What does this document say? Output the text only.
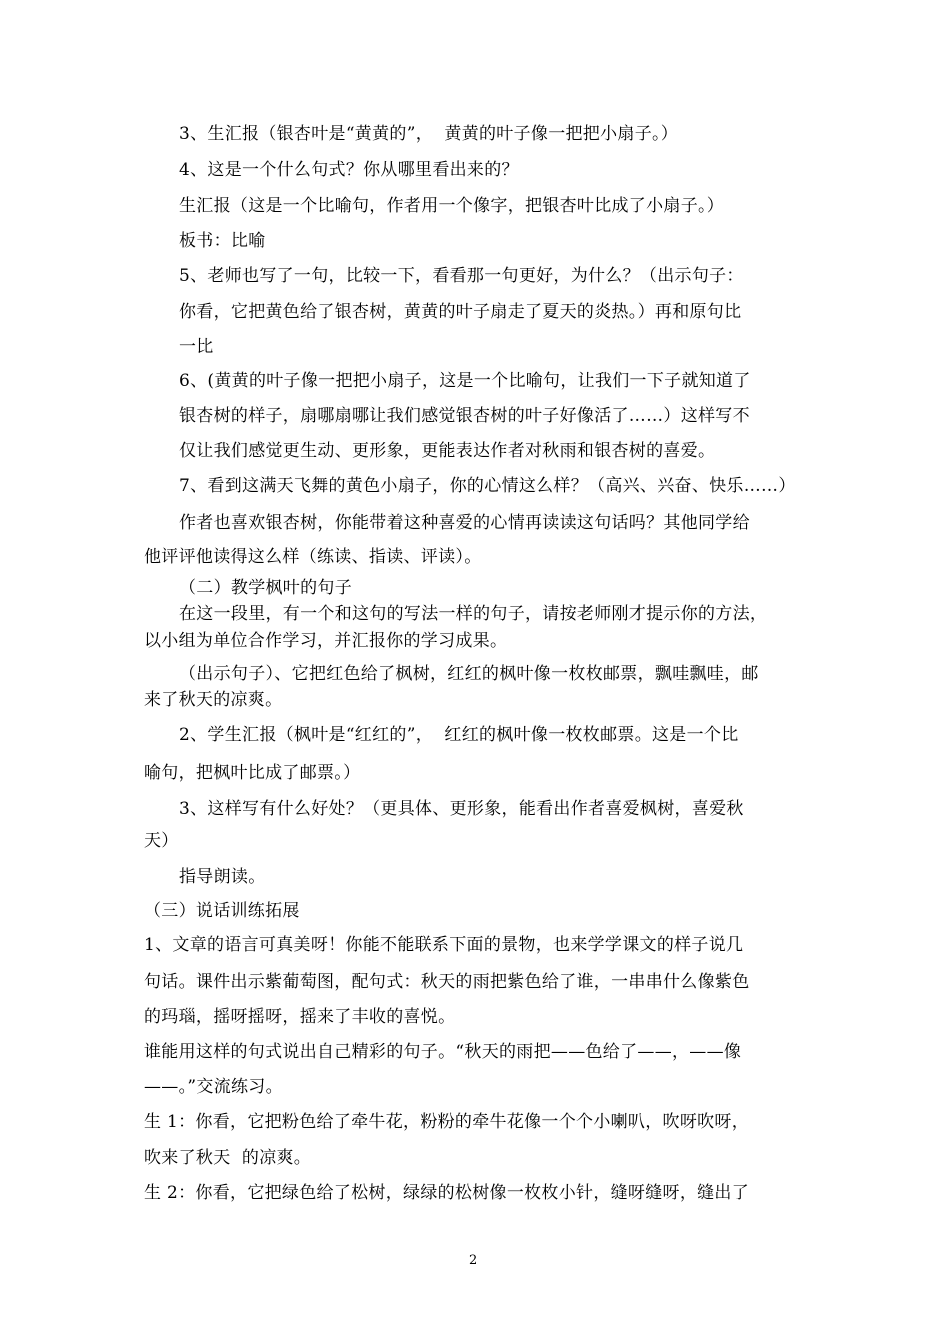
3、生汇报（银杏叶是“黄黄的”，  黄黄的叶子像一把把小扇子。）
4、这是一个什么句式？你从哪里看出来的？
生汇报（这是一个比喻句，作者用一个像字，把银杏叶比成了小扇子。）
板书：比喻
5、老师也写了一句，比较一下，看看那一句更好，为什么？（出示句子：
你看，它把黄色给了银杏树，黄黄的叶子扇走了夏天的炎热。）再和原句比
一比
6、(黄黄的叶子像一把把小扇子，这是一个比喻句，让我们一下子就知道了
银杏树的样子，扇哪扇哪让我们感觉银杏树的叶子好像活了……）这样写不
仅让我们感觉更生动、更形象，更能表达作者对秋雨和银杏树的喜爱。
7、看到这满天飞舞的黄色小扇子，你的心情这么样？（高兴、兴奋、快乐……）
作者也喜欢银杏树，你能带着这种喜爱的心情再读读这句话吗？其他同学给
他评评他读得这么样（练读、指读、评读）。
（二）教学枫叶的句子
在这一段里，有一个和这句的写法一样的句子，请按老师刚才提示你的方法，
以小组为单位合作学习，并汇报你的学习成果。
（出示句子）、它把红色给了枫树，红红的枫叶像一枚枚邮票，飘哇飘哇，邮
来了秋天的凉爽。
2、学生汇报（枫叶是“红红的”，  红红的枫叶像一枚枚邮票。这是一个比
喻句，把枫叶比成了邮票。）
3、这样写有什么好处？（更具体、更形象，能看出作者喜爱枫树，喜爱秋
天）
指导朗读。
（三）说话训练拓展
1、文章的语言可真美呀！你能不能联系下面的景物，也来学学课文的样子说几
句话。课件出示紫葡萄图，配句式：秋天的雨把紫色给了谁，一串串什么像紫色
的玛瑙，摇呀摇呀，摇来了丰收的喜悦。
谁能用这样的句式说出自己精彩的句子。“秋天的雨把——色给了——，——像
——。”交流练习。
生 1：你看，它把粉色给了牵牛花，粉粉的牵牛花像一个个小喇叭，吹呀吹呀，
吹来了秋天  的凉爽。
生 2：你看，它把绿色给了松树，绿绿的松树像一枚枚小针，缝呀缝呀，缝出了
2
